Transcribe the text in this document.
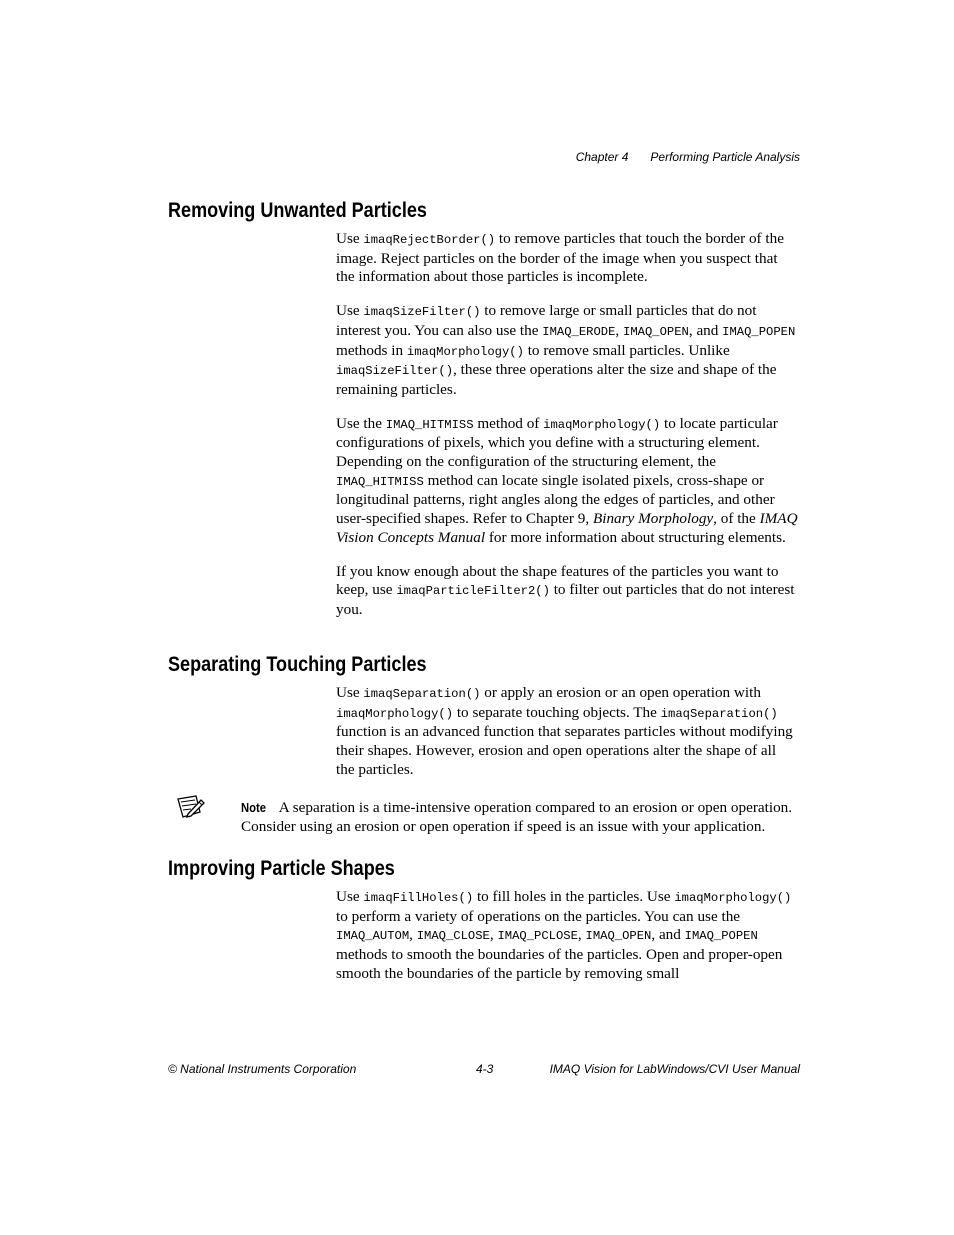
Chapter 4 Performing Particle Analysis
Removing Unwanted Particles

Use imaqRejectBorder() to remove particles that touch the border of the image. Reject particles on the border of the image when you suspect that the information about those particles is incomplete.

Use imaqSizeFilter() to remove large or small particles that do not interest you. You can also use the IMAQ_ERODE, IMAQ_OPEN, and IMAQ_POPEN methods in imaqMorphology() to remove small particles. Unlike imaqSizeFilter(), these three operations alter the size and shape of the remaining particles.

Use the IMAQ_HITMISS method of imaqMorphology() to locate particular configurations of pixels, which you define with a structuring element. Depending on the configuration of the structuring element, the IMAQ_HITMISS method can locate single isolated pixels, cross-shape or longitudinal patterns, right angles along the edges of particles, and other user-specified shapes. Refer to Chapter 9, Binary Morphology, of the IMAQ Vision Concepts Manual for more information about structuring elements.

If you know enough about the shape features of the particles you want to keep, use imaqParticleFilter2() to filter out particles that do not interest you.

Separating Touching Particles

Use imaqSeparation() or apply an erosion or an open operation with imaqMorphology() to separate touching objects. The imaqSeparation() function is an advanced function that separates particles without modifying their shapes. However, erosion and open operations alter the shape of all the particles.

Note A separation is a time-intensive operation compared to an erosion or open operation. Consider using an erosion or open operation if speed is an issue with your application.
Improving Particle Shapes

Use imaqFillHoles() to fill holes in the particles. Use imaqMorphology() to perform a variety of operations on the particles. You can use the IMAQ_AUTOM, IMAQ_CLOSE, IMAQ_PCLOSE, IMAQ_OPEN, and IMAQ_POPEN methods to smooth the boundaries of the particles. Open and proper-open smooth the boundaries of the particle by removing small

© National Instruments Corporation	4-3	IMAQ Vision for LabWindows/CVI User Manual
